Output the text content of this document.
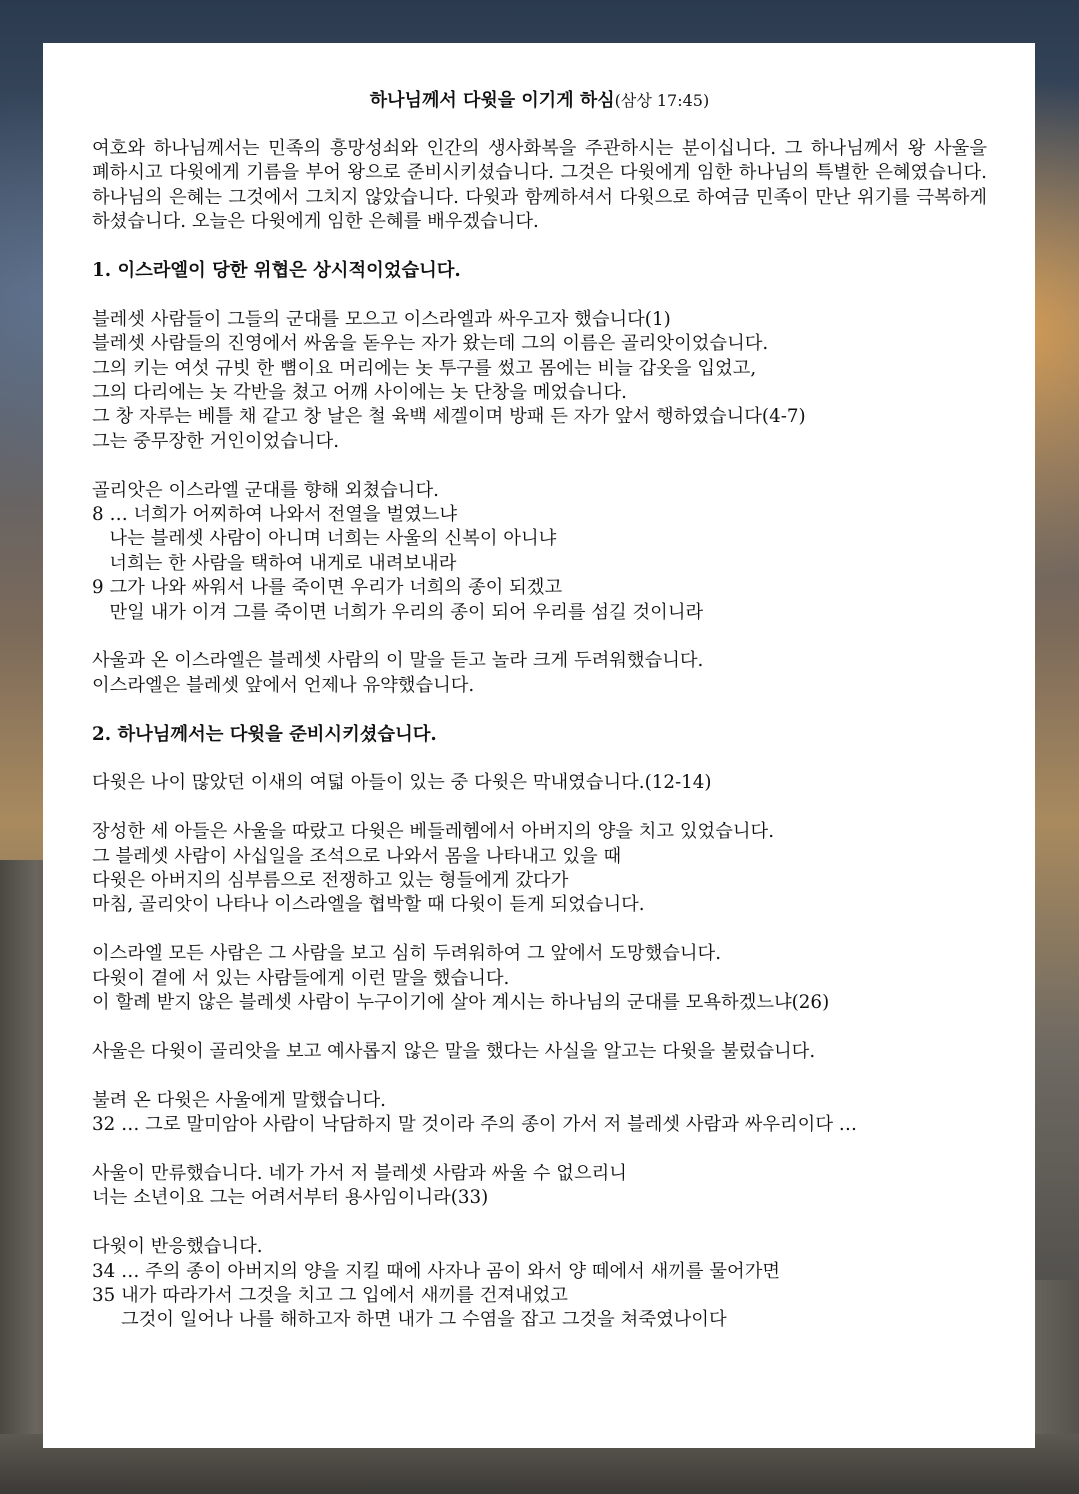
하나님께서 다윗을 이기게 하심(삼상 17:45)

여호와 하나님께서는 민족의 흥망성쇠와 인간의 생사화복을 주관하시는 분이십니다. 그 하나님께서 왕 사울을 폐하시고 다윗에게 기름을 부어 왕으로 준비시키셨습니다. 그것은 다윗에게 임한 하나님의 특별한 은혜였습니다. 하나님의 은혜는 그것에서 그치지 않았습니다. 다윗과 함께하셔서 다윗으로 하여금 민족이 만난 위기를 극복하게 하셨습니다. 오늘은 다윗에게 임한 은혜를 배우겠습니다.

1. 이스라엘이 당한 위협은 상시적이었습니다.
블레셋 사람들이 그들의 군대를 모으고 이스라엘과 싸우고자 했습니다(1)
블레셋 사람들의 진영에서 싸움을 돋우는 자가 왔는데 그의 이름은 골리앗이었습니다.
그의 키는 여섯 규빗 한 뼘이요 머리에는 놋 투구를 썼고 몸에는 비늘 갑옷을 입었고,
그의 다리에는 놋 각반을 쳤고 어깨 사이에는 놋 단창을 메었습니다.
그 창 자루는 베틀 채 같고 창 날은 철 육백 세겔이며 방패 든 자가 앞서 행하였습니다(4-7)
그는 중무장한 거인이었습니다.
골리앗은 이스라엘 군대를 향해 외쳤습니다.
8 … 너희가 어찌하여 나와서 전열을 벌였느냐
나는 블레셋 사람이 아니며 너희는 사울의 신복이 아니냐
너희는 한 사람을 택하여 내게로 내려보내라
9 그가 나와 싸워서 나를 죽이면 우리가 너희의 종이 되겠고
만일 내가 이겨 그를 죽이면 너희가 우리의 종이 되어 우리를 섬길 것이니라
사울과 온 이스라엘은 블레셋 사람의 이 말을 듣고 놀라 크게 두려워했습니다.
이스라엘은 블레셋 앞에서 언제나 유약했습니다.
2. 하나님께서는 다윗을 준비시키셨습니다.
다윗은 나이 많았던 이새의 여덟 아들이 있는 중 다윗은 막내였습니다.(12-14)
장성한 세 아들은 사울을 따랐고 다윗은 베들레헴에서 아버지의 양을 치고 있었습니다.
그 블레셋 사람이 사십일을 조석으로 나와서 몸을 나타내고 있을 때
다윗은 아버지의 심부름으로 전쟁하고 있는 형들에게 갔다가
마침, 골리앗이 나타나 이스라엘을 협박할 때 다윗이 듣게 되었습니다.
이스라엘 모든 사람은 그 사람을 보고 심히 두려워하여 그 앞에서 도망했습니다.
다윗이 곁에 서 있는 사람들에게 이런 말을 했습니다.
이 할례 받지 않은 블레셋 사람이 누구이기에 살아 계시는 하나님의 군대를 모욕하겠느냐(26)
사울은 다윗이 골리앗을 보고 예사롭지 않은 말을 했다는 사실을 알고는 다윗을 불렀습니다.
불려 온 다윗은 사울에게 말했습니다.
32 … 그로 말미암아 사람이 낙담하지 말 것이라 주의 종이 가서 저 블레셋 사람과 싸우리이다 …
사울이 만류했습니다. 네가 가서 저 블레셋 사람과 싸울 수 없으리니
너는 소년이요 그는 어려서부터 용사임이니라(33)
다윗이 반응했습니다.
34 … 주의 종이 아버지의 양을 지킬 때에 사자나 곰이 와서 양 떼에서 새끼를 물어가면
35 내가 따라가서 그것을 치고 그 입에서 새끼를 건져내었고
그것이 일어나 나를 해하고자 하면 내가 그 수염을 잡고 그것을 쳐죽였나이다
